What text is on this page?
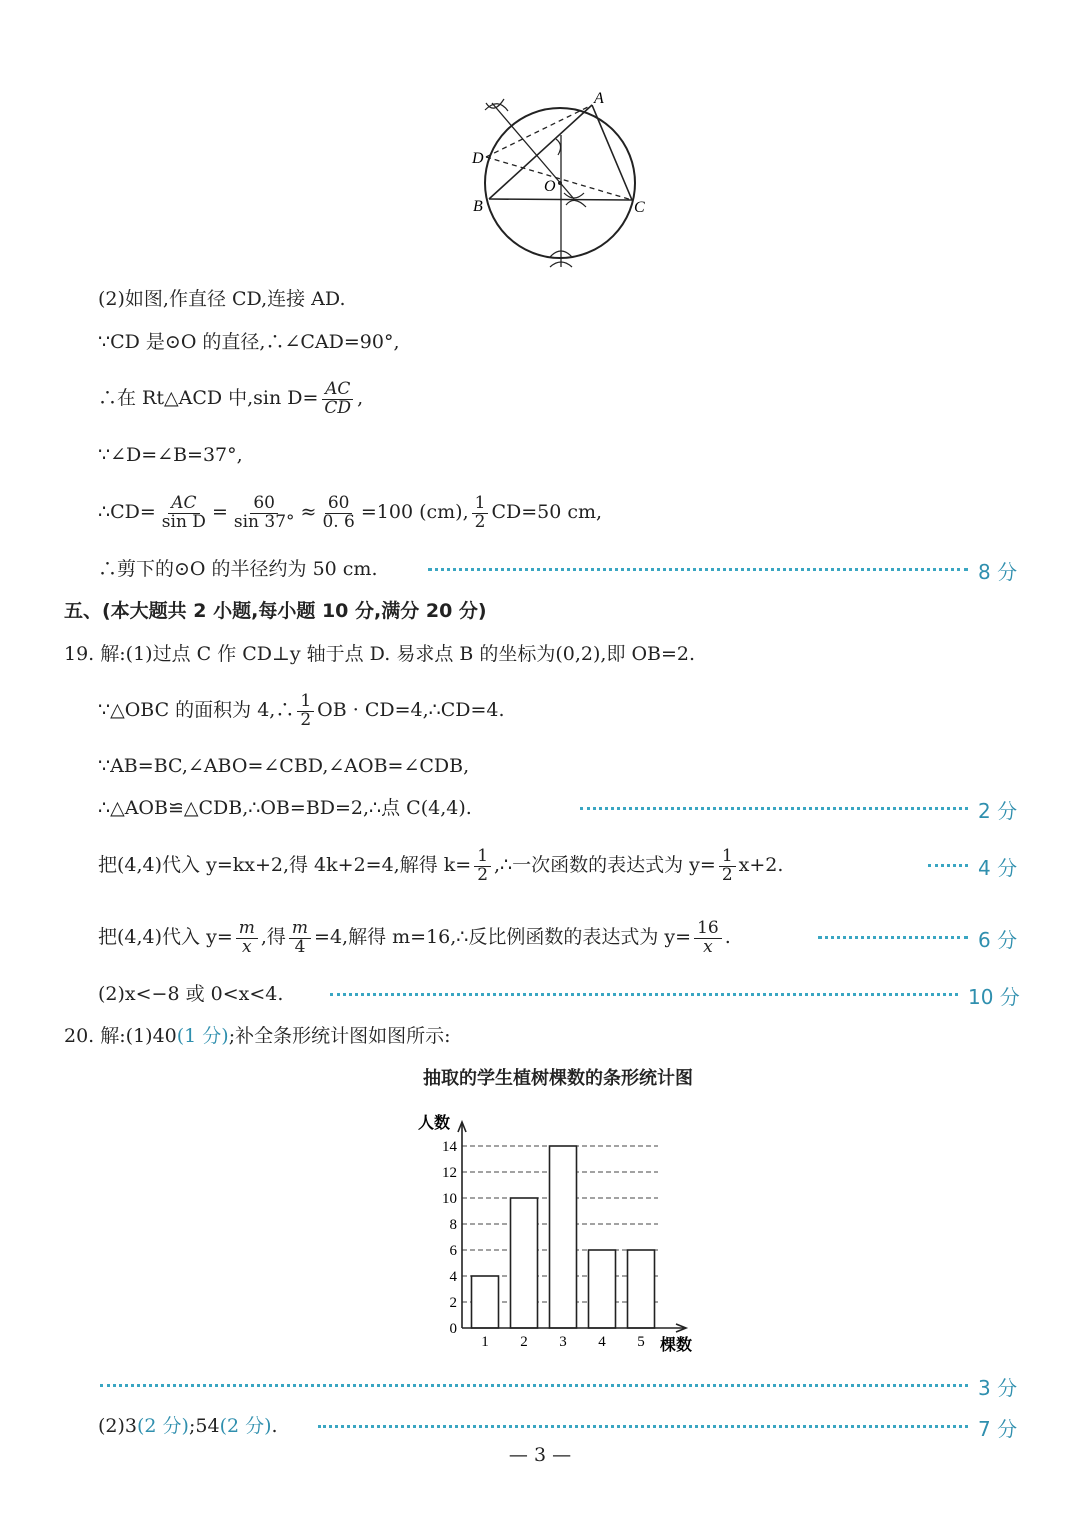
A
D
O
B	C
(2)如图,作直径 CD,连接 AD.
∵CD 是⊙O 的直径,∴∠CAD=90°,
∴在 Rt△ACD 中,sin $D= \frac{AC}{CD}$ ,
∵∠D=∠B=37°,
∴CD= $\frac{AC}{\text{sin D}} = \frac{60}{\sin 37^\circ} \approx \frac{60}{0. 6} =100$ (cm), $\frac{1}{2} CD=50$ cm,
∴剪下的⊙O 的半径约为 50 cm.	8 分
五、(本大题共 2 小题,每小题 10 分,满分 20 分)
19. 解:(1)过点 C 作 CD⊥y 轴于点 D. 易求点 B 的坐标为(0,2),即 OB=2.
∵△OBC 的面积为 4,∴ $\frac{1}{2}$ OB · CD=4,∴CD=4.
∵AB=BC,∠ABO=∠CBD,∠AOB=∠CDB,
∴△AOB≌△CDB,∴OB=BD=2,∴点 C(4,4).	2 分
把(4,4)代入 y=kx+2,得 4k+2=4,解得 $k= \frac{1}{2}$ ,∴一次函数的表达式为 $y= \frac{1}{2} x+2$.	4 分
把(4,4)代入 $y= \frac{m}{x}$ ,得 $\frac{m}{4} =4$,解得 m=16,∴反比例函数的表达式为 $y= \frac{16}{x}$ .	6 分
(2)x<−8 或 0<x<4.	10 分
20. 解:(1)40(1 分);补全条形统计图如图所示:
抽取的学生植树棵数的条形统计图
0
2
4
6
8
10
12
14
1 2 3 4 5
人数
棵数
3 分
(2)3(2 分);54(2 分).	7 分
— 3 —
